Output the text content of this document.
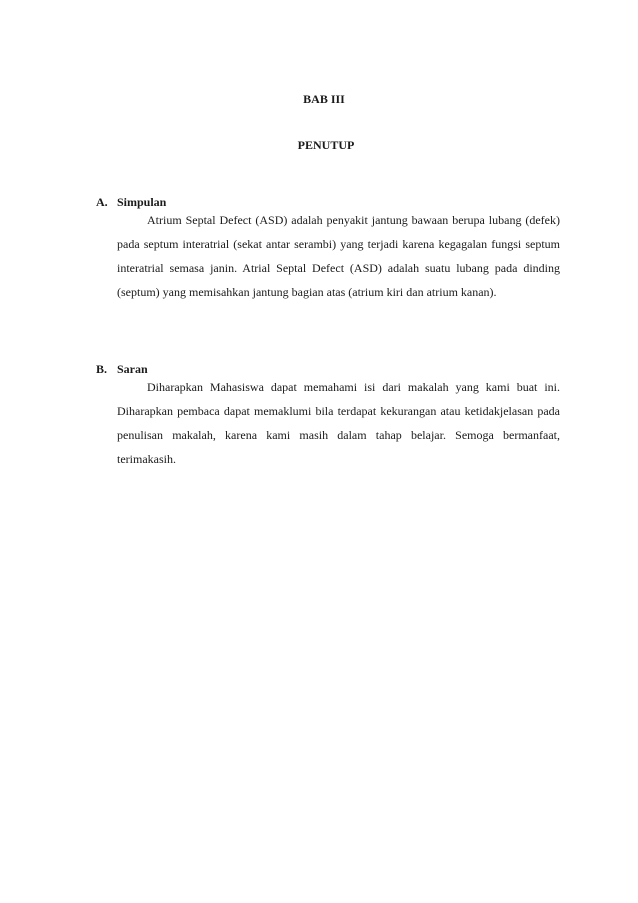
BAB III
PENUTUP
A. Simpulan

Atrium Septal Defect (ASD) adalah penyakit jantung bawaan berupa lubang (defek) pada septum interatrial (sekat antar serambi) yang terjadi karena kegagalan fungsi septum interatrial semasa janin. Atrial Septal Defect (ASD) adalah suatu lubang pada dinding (septum) yang memisahkan jantung bagian atas (atrium kiri dan atrium kanan).

B. Saran

Diharapkan Mahasiswa dapat memahami isi dari makalah yang kami buat ini. Diharapkan pembaca dapat memaklumi bila terdapat kekurangan atau ketidakjelasan pada penulisan makalah, karena kami masih dalam tahap belajar. Semoga bermanfaat, terimakasih.
